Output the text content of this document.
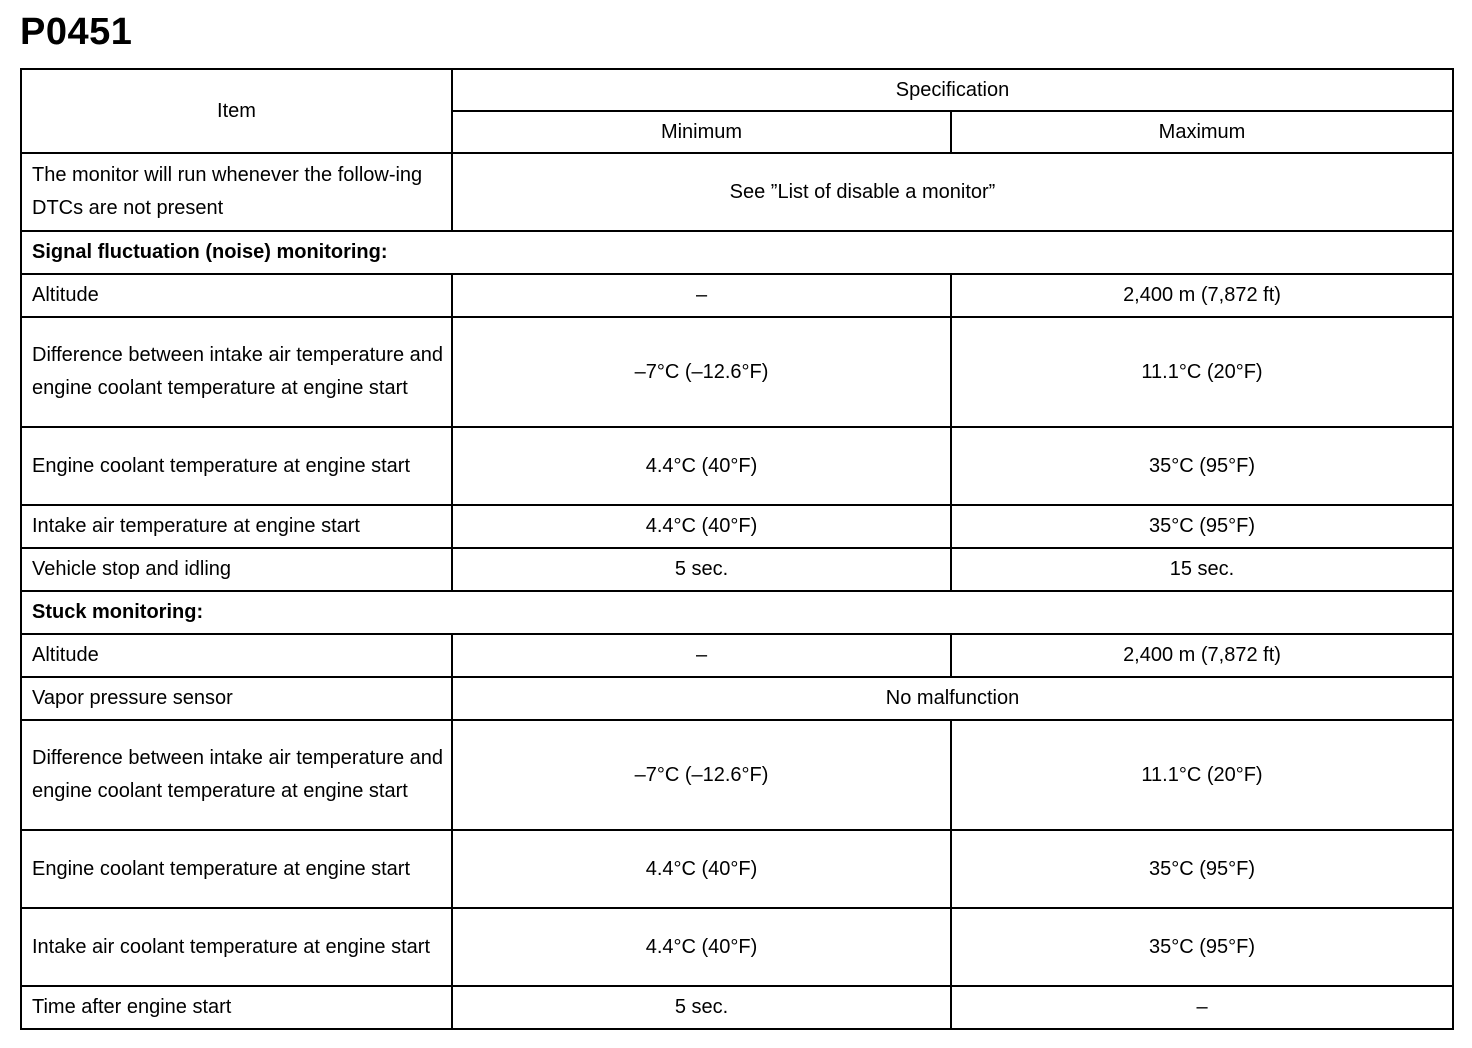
P0451
Item	Specification	
	Minimum	Maximum
The monitor will run whenever the follow-ing DTCs are not present	See ”List of disable a monitor”	
Signal fluctuation (noise) monitoring:		
Altitude	–	2,400 m (7,872 ft)
Difference between intake air temperature and engine coolant temperature at engine start	–7°C (–12.6°F)	11.1°C (20°F)
Engine coolant temperature at engine start	4.4°C (40°F)	35°C (95°F)
Intake air temperature at engine start	4.4°C (40°F)	35°C (95°F)
Vehicle stop and idling	5 sec.	15 sec.
Stuck monitoring:		
Altitude	–	2,400 m (7,872 ft)
Vapor pressure sensor	No malfunction	
Difference between intake air temperature and engine coolant temperature at engine start	–7°C (–12.6°F)	11.1°C (20°F)
Engine coolant temperature at engine start	4.4°C (40°F)	35°C (95°F)
Intake air coolant temperature at engine start	4.4°C (40°F)	35°C (95°F)
Time after engine start	5 sec.	–
